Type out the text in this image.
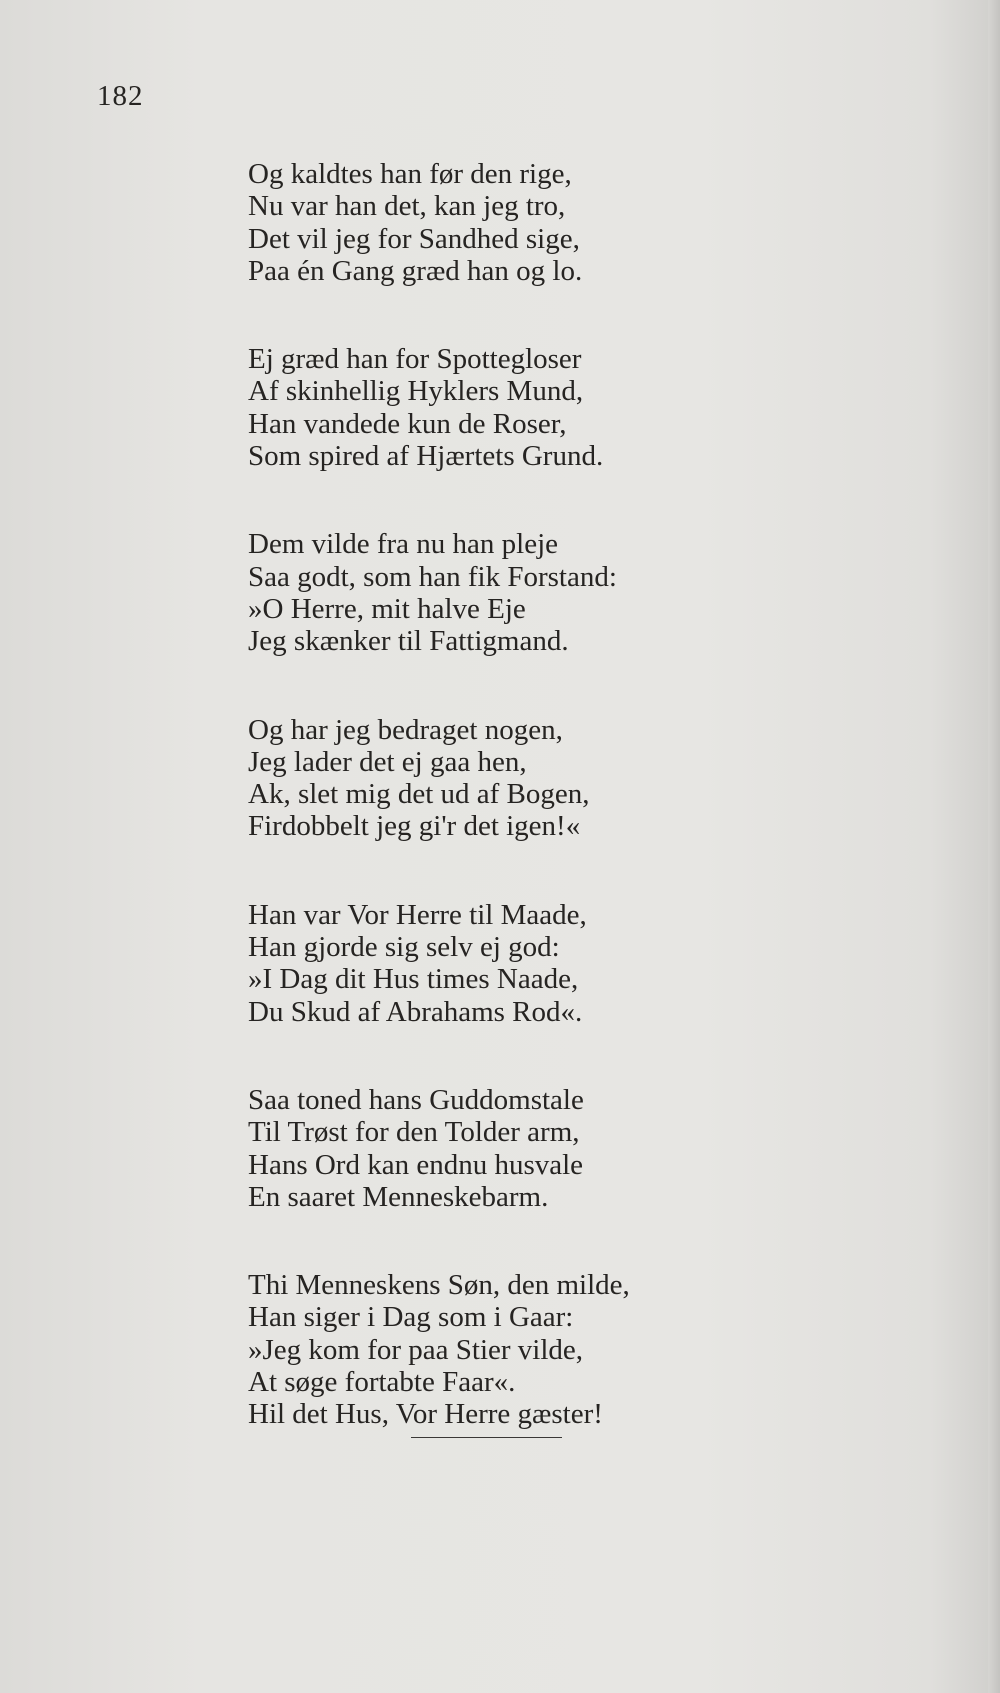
182
Og kaldtes han før den rige,
Nu var han det, kan jeg tro,
Det vil jeg for Sandhed sige,
Paa én Gang græd han og lo.
Ej græd han for Spottegloser
Af skinhellig Hyklers Mund,
Han vandede kun de Roser,
Som spired af Hjærtets Grund.
Dem vilde fra nu han pleje
Saa godt, som han fik Forstand:
»O Herre, mit halve Eje
Jeg skænker til Fattigmand.
Og har jeg bedraget nogen,
Jeg lader det ej gaa hen,
Ak, slet mig det ud af Bogen,
Firdobbelt jeg gi'r det igen!«
Han var Vor Herre til Maade,
Han gjorde sig selv ej god:
»I Dag dit Hus times Naade,
Du Skud af Abrahams Rod«.
Saa toned hans Guddomstale
Til Trøst for den Tolder arm,
Hans Ord kan endnu husvale
En saaret Menneskebarm.
Thi Menneskens Søn, den milde,
Han siger i Dag som i Gaar:
»Jeg kom for paa Stier vilde,
At søge fortabte Faar«.
Hil det Hus, Vor Herre gæster!
